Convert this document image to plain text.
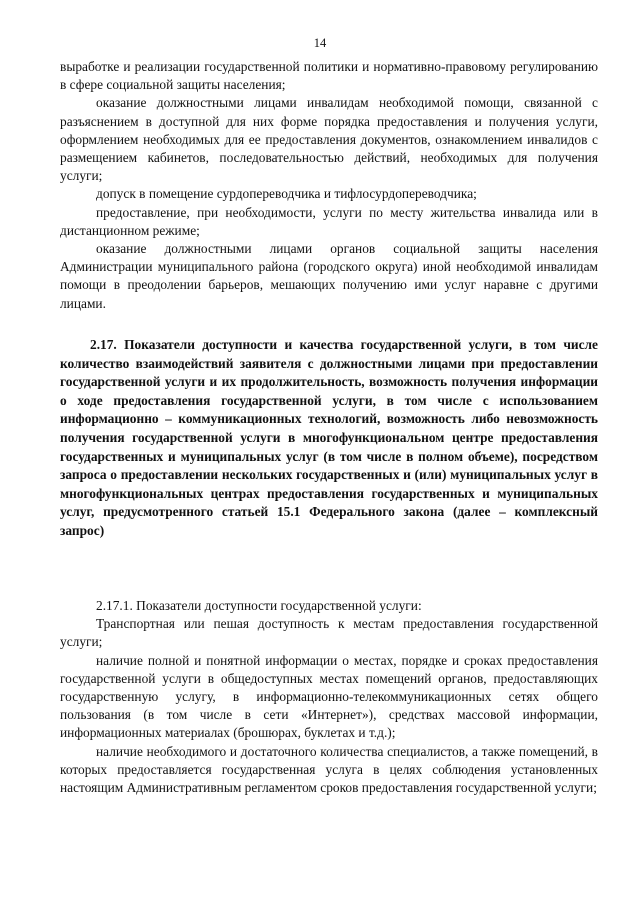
14

выработке и реализации государственной политики и нормативно-правовому регулированию в сфере социальной защиты населения;

оказание должностными лицами инвалидам необходимой помощи, связанной с разъяснением в доступной для них форме порядка предоставления и получения услуги, оформлением необходимых для ее предоставления документов, ознакомлением инвалидов с размещением кабинетов, последовательностью действий, необходимых для получения услуги;

допуск в помещение сурдопереводчика и тифлосурдопереводчика;

предоставление, при необходимости, услуги по месту жительства инвалида или в дистанционном режиме;

оказание должностными лицами органов социальной защиты населения Администрации муниципального района (городского округа) иной необходимой инвалидам помощи в преодолении барьеров, мешающих получению ими услуг наравне с другими лицами.

2.17. Показатели доступности и качества государственной услуги, в том числе количество взаимодействий заявителя с должностными лицами при предоставлении государственной услуги и их продолжительность, возможность получения информации о ходе предоставления государственной услуги, в том числе с использованием информационно – коммуникационных технологий, возможность либо невозможность получения государственной услуги в многофункциональном центре предоставления государственных и муниципальных услуг (в том числе в полном объеме), посредством запроса о предоставлении нескольких государственных и (или) муниципальных услуг в многофункциональных центрах предоставления государственных и муниципальных услуг, предусмотренного статьей 15.1 Федерального закона (далее – комплексный запрос)

2.17.1. Показатели доступности государственной услуги:

Транспортная или пешая доступность к местам предоставления государственной услуги;

наличие полной и понятной информации о местах, порядке и сроках предоставления государственной услуги в общедоступных местах помещений органов, предоставляющих государственную услугу, в информационно-телекоммуникационных сетях общего пользования (в том числе в сети «Интернет»), средствах массовой информации, информационных материалах (брошюрах, буклетах и т.д.);

наличие необходимого и достаточного количества специалистов, а также помещений, в которых предоставляется государственная услуга в целях соблюдения установленных настоящим Административным регламентом сроков предоставления государственной услуги;
